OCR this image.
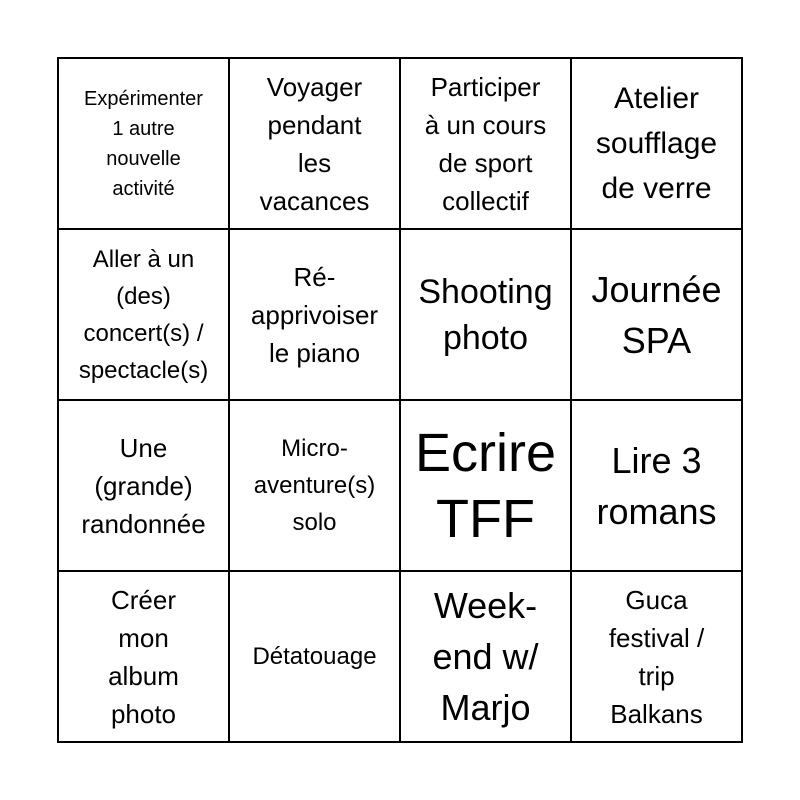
Expérimenter
1 autre
nouvelle
activité
Voyager
pendant
les
vacances
Participer
à un cours
de sport
collectif
Atelier
soufflage
de verre
Aller à un
(des)
concert(s) /
spectacle(s)
Ré-
apprivoiser
le piano
Shooting
photo
Journée
SPA
Une
(grande)
randonnée
Micro-
aventure(s)
solo
Ecrire
TFF
Lire 3
romans
Créer
mon
album
photo
Détatouage
Week-
end w/
Marjo
Guca
festival /
trip
Balkans
